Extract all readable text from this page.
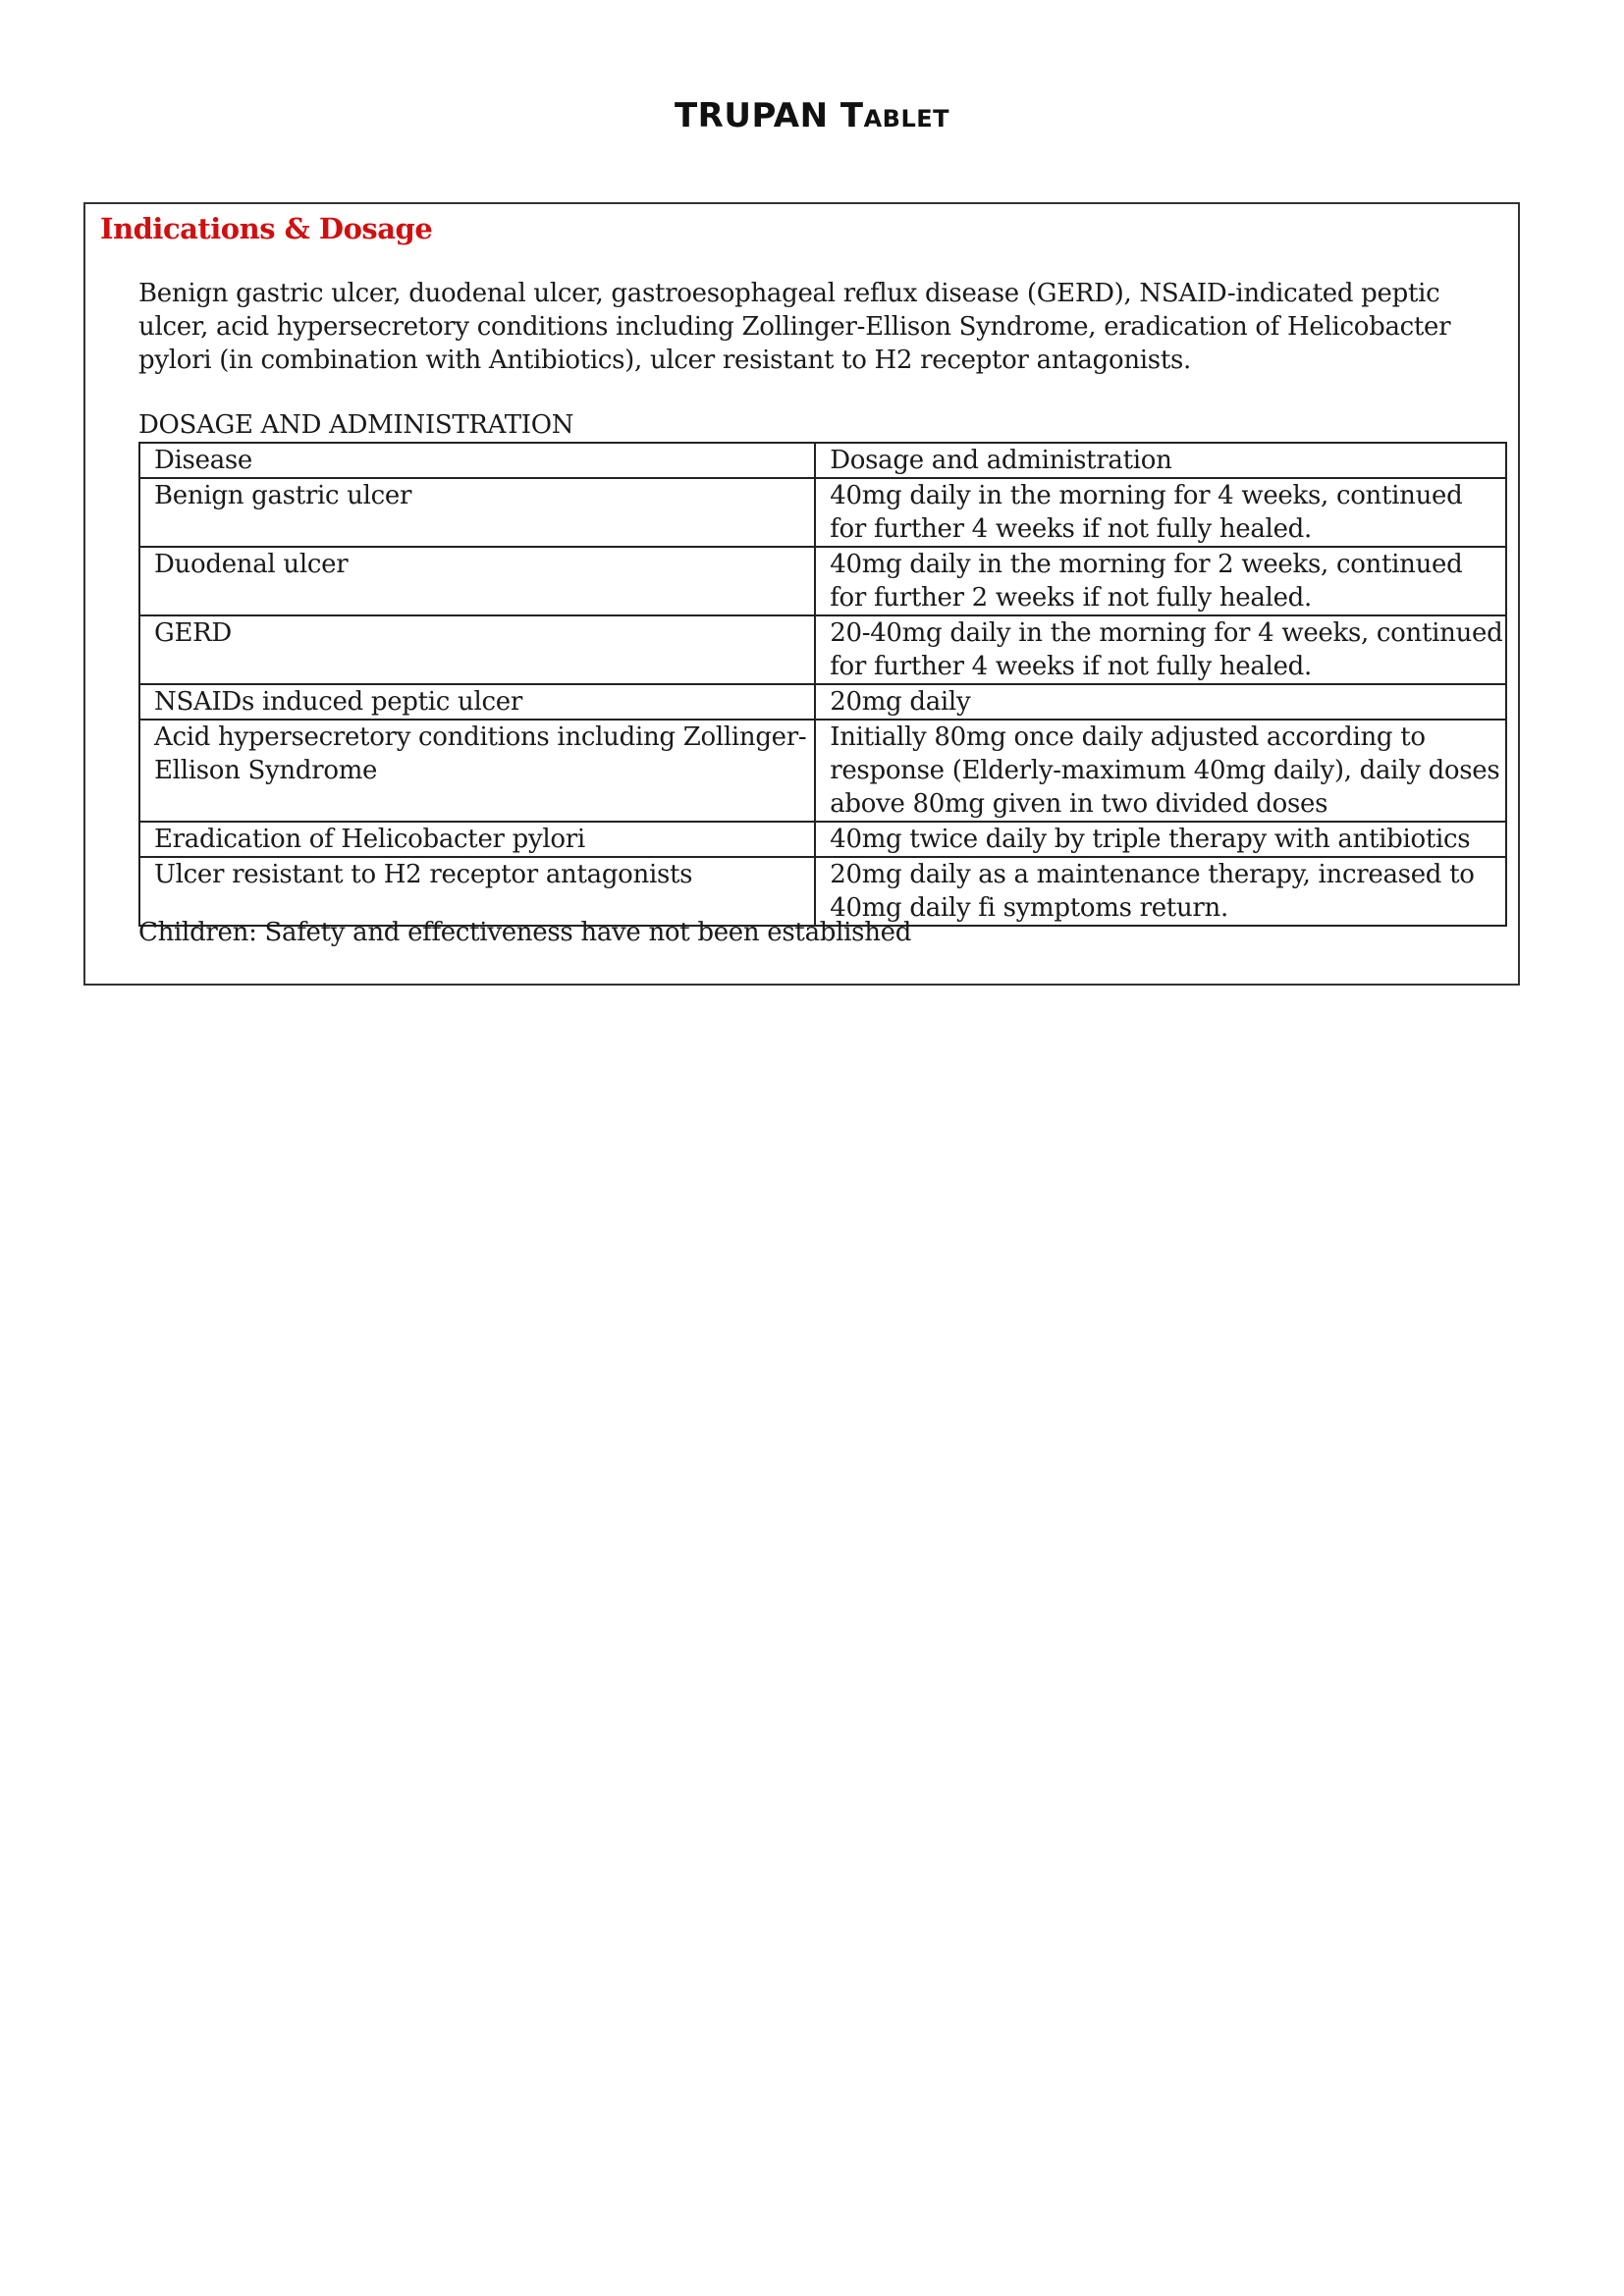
TRUPAN Tablet
Indications & Dosage
Benign gastric ulcer, duodenal ulcer, gastroesophageal reflux disease (GERD), NSAID-indicated peptic ulcer, acid hypersecretory conditions including Zollinger-Ellison Syndrome, eradication of Helicobacter pylori (in combination with Antibiotics), ulcer resistant to H2 receptor antagonists.
DOSAGE AND ADMINISTRATION
Disease	Dosage and administration
Benign gastric ulcer	40mg daily in the morning for 4 weeks, continued for further 4 weeks if not fully healed.
Duodenal ulcer	40mg daily in the morning for 2 weeks, continued for further 2 weeks if not fully healed.
GERD	20-40mg daily in the morning for 4 weeks, continued for further 4 weeks if not fully healed.
NSAIDs induced peptic ulcer	20mg daily
Acid hypersecretory conditions including Zollinger-Ellison Syndrome	Initially 80mg once daily adjusted according to response (Elderly-maximum 40mg daily), daily doses above 80mg given in two divided doses
Eradication of Helicobacter pylori	40mg twice daily by triple therapy with antibiotics
Ulcer resistant to H2 receptor antagonists	20mg daily as a maintenance therapy, increased to 40mg daily fi symptoms return.
Children: Safety and effectiveness have not been established
